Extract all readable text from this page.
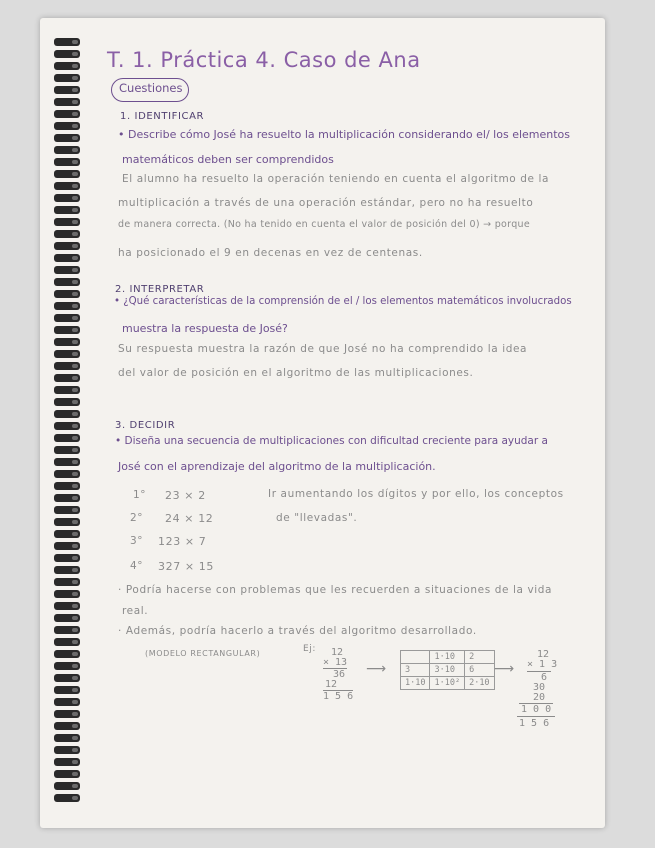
T. 1. Práctica 4. Caso de Ana
Cuestiones
1. IDENTIFICAR
• Describe cómo José ha resuelto la multiplicación considerando el/ los elementos
matemáticos deben ser comprendidos
El alumno ha resuelto la operación teniendo en cuenta el algoritmo de la
multiplicación a través de una operación estándar, pero no ha resuelto
de manera correcta. (No ha tenido en cuenta el valor de posición del 0) → porque
ha posicionado el 9 en decenas en vez de centenas.
2. INTERPRETAR
• ¿Qué características de la comprensión de el / los elementos matemáticos involucrados
muestra la respuesta de José?
Su respuesta muestra la razón de que José no ha comprendido la idea
del valor de posición en el algoritmo de las multiplicaciones.
3. DECIDIR
• Diseña una secuencia de multiplicaciones con dificultad creciente para ayudar a
José con el aprendizaje del algoritmo de la multiplicación.
1° 23 × 2
2° 24 × 12
3° 123 × 7
4° 327 × 15
Ir aumentando los dígitos y por ello, los conceptos
de "llevadas".
· Podría hacerse con problemas que les recuerden a situaciones de la vida
real.
· Además, podría hacerlo a través del algoritmo desarrollado.
(MODELO RECTANGULAR)	Ej: 12
× 13
36
12
1 5 6
⟶
	1·10	2
3	3·10	6
1·10	1·10²	2·10
⟶
12
× 1 3
6
30
20
1 0 0
1 5 6
